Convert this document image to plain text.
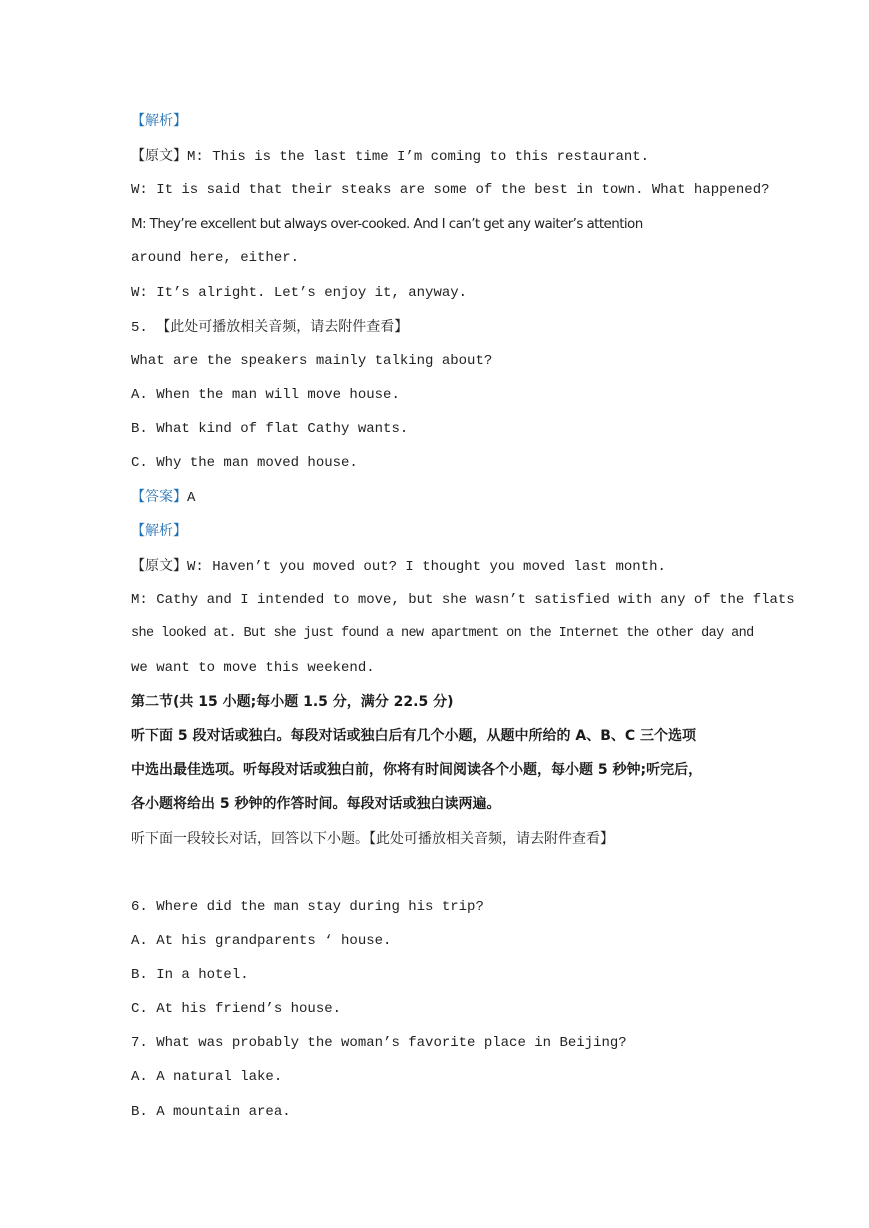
【解析】
【原文】M: This is the last time I’m coming to this restaurant.
W: It is said that their steaks are some of the best in town. What happened?
M: They’re excellent but always over-cooked. And I can’t get any waiter’s attention
around here, either.
W: It’s alright. Let’s enjoy it, anyway.
5. 【此处可播放相关音频，请去附件查看】
What are the speakers mainly talking about?
A. When the man will move house.
B. What kind of flat Cathy wants.
C. Why the man moved house.
【答案】A
【解析】
【原文】W: Haven’t you moved out? I thought you moved last month.
M: Cathy and I intended to move, but she wasn’t satisfied with any of the flats
she looked at. But she just found a new apartment on the Internet the other day and
we want to move this weekend.
第二节(共 15 小题;每小题 1.5 分，满分 22.5 分)
听下面 5 段对话或独白。每段对话或独白后有几个小题，从题中所给的 A、B、C 三个选项
中选出最佳选项。听每段对话或独白前，你将有时间阅读各个小题，每小题 5 秒钟;听完后，
各小题将给出 5 秒钟的作答时间。每段对话或独白读两遍。
听下面一段较长对话，回答以下小题。【此处可播放相关音频，请去附件查看】
6. Where did the man stay during his trip?
A. At his grandparents ‘ house.
B. In a hotel.
C. At his friend’s house.
7. What was probably the woman’s favorite place in Beijing?
A. A natural lake.
B. A mountain area.
